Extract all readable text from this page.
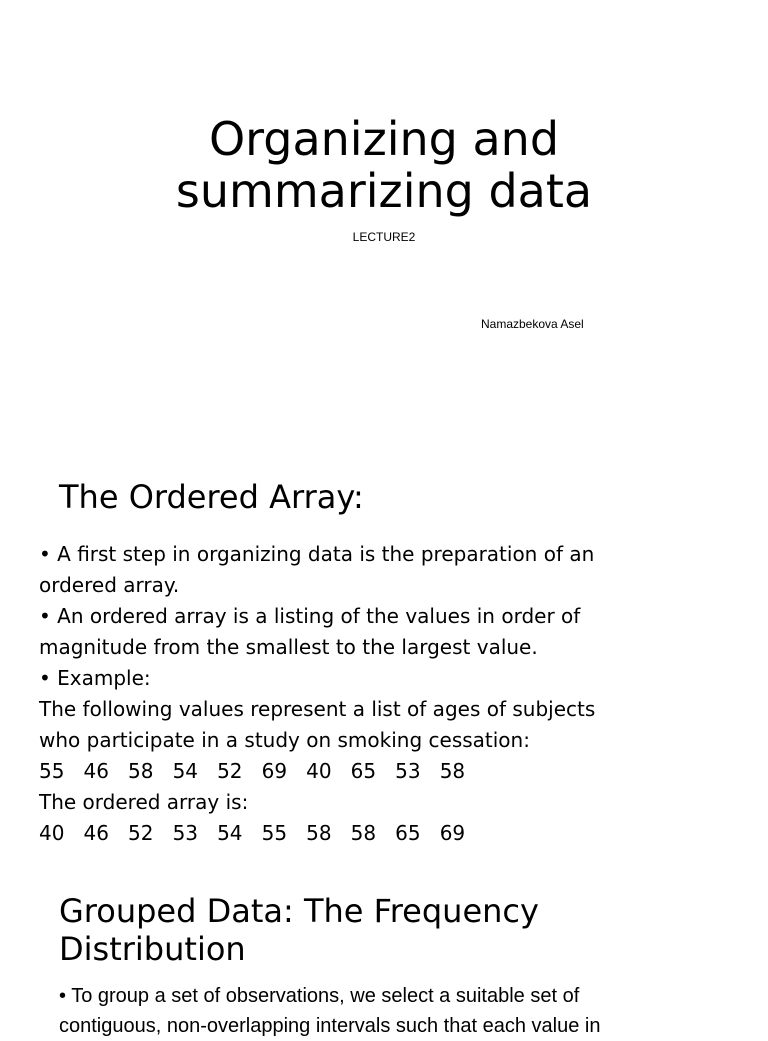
Organizing and
summarizing data
LECTURE2
Namazbekova Asel
The Ordered Array:
• A first step in organizing data is the preparation of an
ordered array.
• An ordered array is a listing of the values in order of
magnitude from the smallest to the largest value.
• Example:
The following values represent a list of ages of subjects
who participate in a study on smoking cessation:
55   46   58   54   52   69   40   65   53   58
The ordered array is:
40   46   52   53   54   55   58   58   65   69
Grouped Data: The Frequency
Distribution
• To group a set of observations, we select a suitable set of
contiguous, non-overlapping intervals such that each value in
